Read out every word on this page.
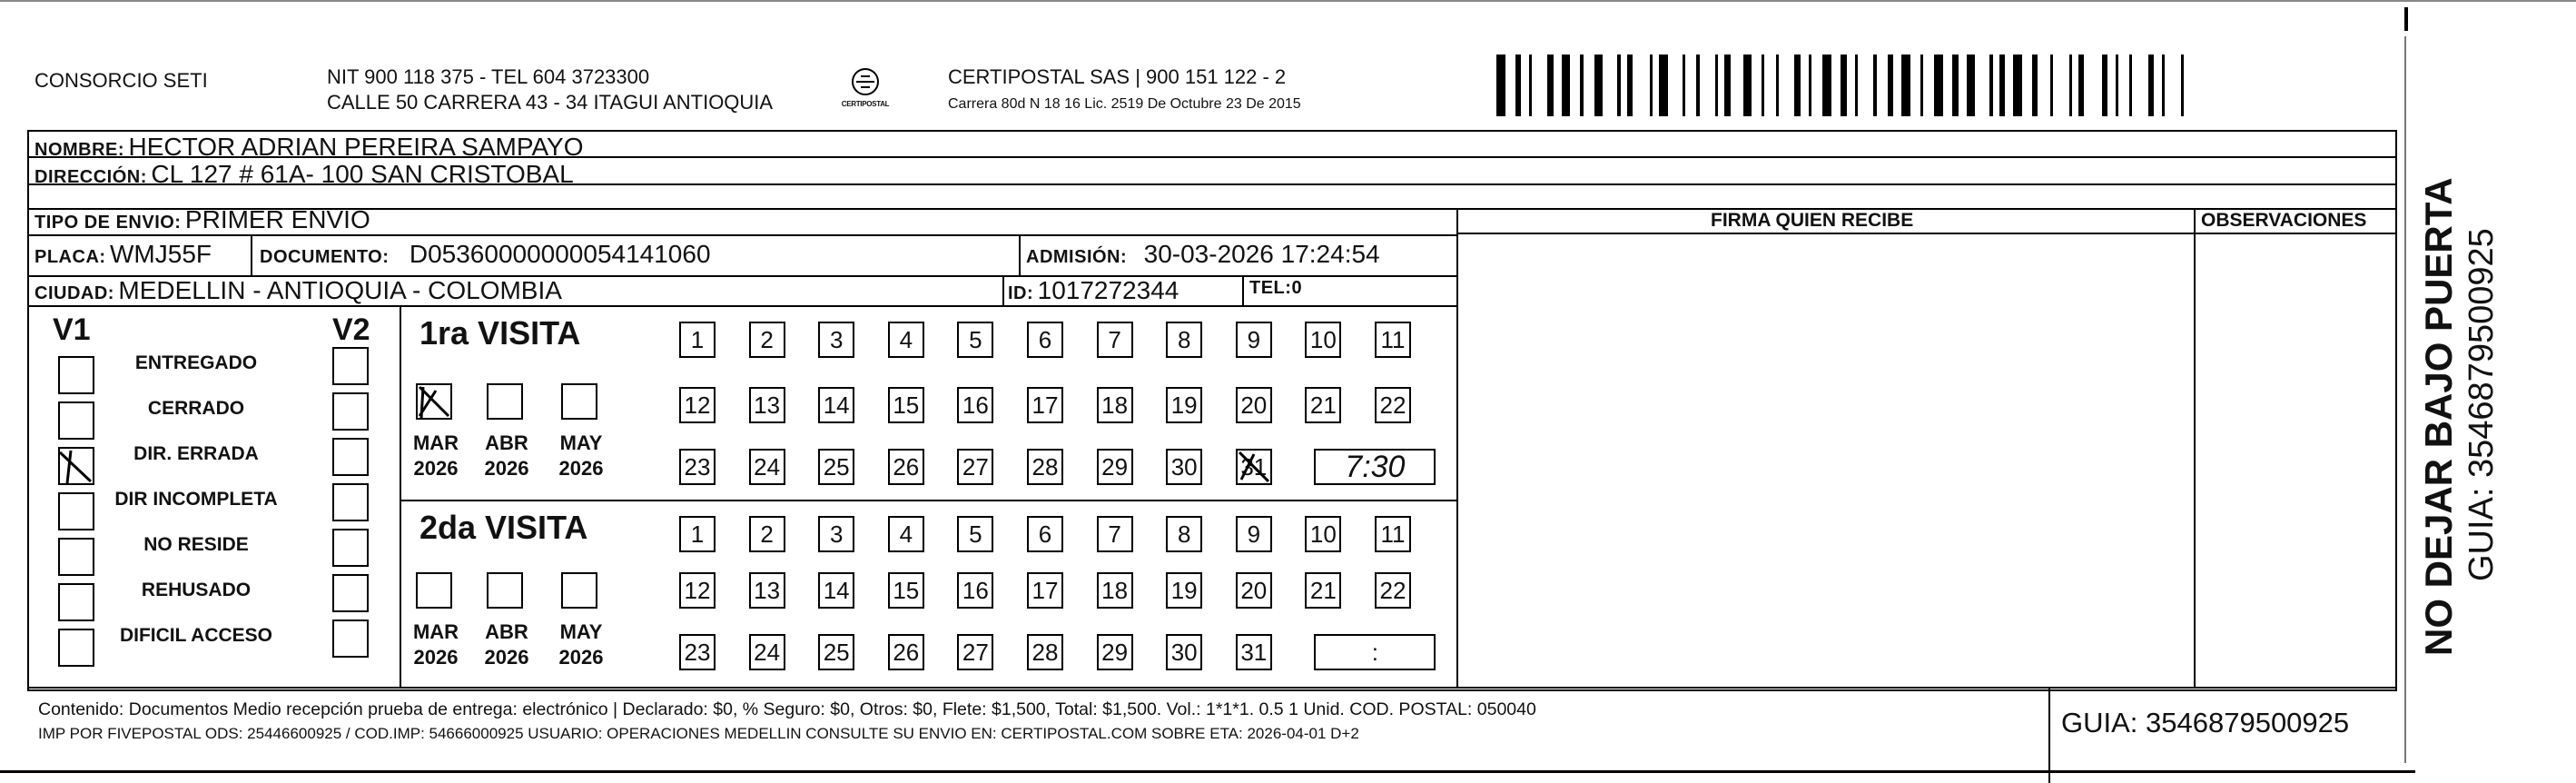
CONSORCIO SETI	NIT 900 118 375 - TEL 604 3723300
CALLE 50 CARRERA 43 - 34 ITAGUI ANTIOQUIA	CERTIPOSTAL
CERTIPOSTAL SAS | 900 151 122 - 2
Carrera 80d N 18 16 Lic. 2519 De Octubre 23 De 2015
NOMBRE: HECTOR ADRIAN PEREIRA SAMPAYO
DIRECCIÓN: CL 127 # 61A- 100 SAN CRISTOBAL
TIPO DE ENVIO: PRIMER ENVIO
PLACA: WMJ55F	DOCUMENTO: D05360000000054141060	ADMISIÓN: 30-03-2026 17:24:54
CIUDAD: MEDELLIN - ANTIOQUIA - COLOMBIA	ID: 1017272344	TEL:0
FIRMA QUIEN RECIBE	OBSERVACIONES
V1	V2
ENTREGADO
CERRADO
DIR. ERRADA
DIR INCOMPLETA
NO RESIDE
REHUSADO
DIFICIL ACCESO
1ra VISITA
2da VISITA
MAR
2026
ABR
2026
MAY
2026
MAR
2026
ABR
2026
MAY
2026
1	2	3	4	5	6	7	8	9	10 11
12 13 14 15 16 17 18 19 20 21 22
23 24 25 26 27 28 29 30 31	7:30
1	2	3	4	5	6	7	8	9	10 11
12 13 14 15 16 17 18 19 20 21 22
23 24 25 26 27 28 29 30 31	:
Contenido: Documentos Medio recepción prueba de entrega: electrónico | Declarado: $0, % Seguro: $0, Otros: $0, Flete: $1,500, Total: $1,500. Vol.: 1*1*1. 0.5 1 Unid. COD. POSTAL: 050040
IMP POR FIVEPOSTAL ODS: 25446600925 / COD.IMP: 54666000925 USUARIO: OPERACIONES MEDELLIN CONSULTE SU ENVIO EN: CERTIPOSTAL.COM SOBRE ETA: 2026-04-01 D+2	GUIA: 3546879500925
NO DEJAR BAJO PUERTA GUIA: 3546879500925
